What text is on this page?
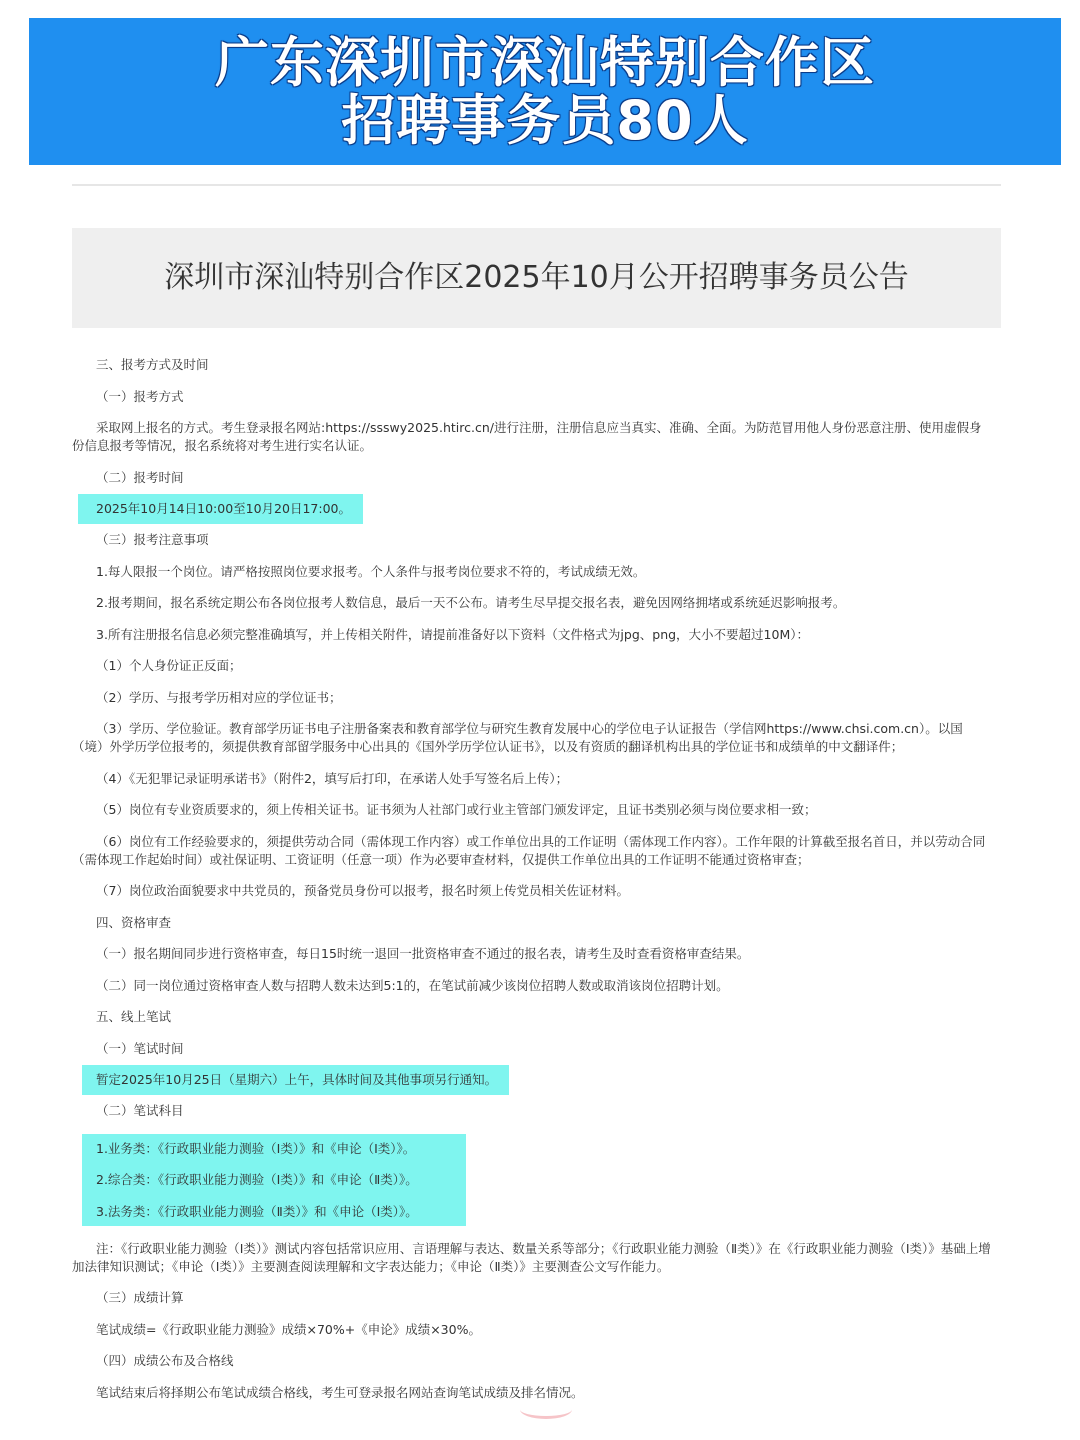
广东深圳市深汕特别合作区
招聘事务员80人
深圳市深汕特别合作区2025年10月公开招聘事务员公告

三、报考方式及时间

（一）报考方式

采取网上报名的方式。考生登录报名网站:https://ssswy2025.htirc.cn/进行注册，注册信息应当真实、准确、全面。为防范冒用他人身份恶意注册、使用虚假身份信息报考等情况，报名系统将对考生进行实名认证。

（二）报考时间

2025年10月14日10:00至10月20日17:00。

（三）报考注意事项

1.每人限报一个岗位。请严格按照岗位要求报考。个人条件与报考岗位要求不符的，考试成绩无效。

2.报考期间，报名系统定期公布各岗位报考人数信息，最后一天不公布。请考生尽早提交报名表，避免因网络拥堵或系统延迟影响报考。

3.所有注册报名信息必须完整准确填写，并上传相关附件，请提前准备好以下资料（文件格式为jpg、png，大小不要超过10M）：

（1）个人身份证正反面；

（2）学历、与报考学历相对应的学位证书；

（3）学历、学位验证。教育部学历证书电子注册备案表和教育部学位与研究生教育发展中心的学位电子认证报告（学信网https://www.chsi.com.cn）。以国（境）外学历学位报考的，须提供教育部留学服务中心出具的《国外学历学位认证书》，以及有资质的翻译机构出具的学位证书和成绩单的中文翻译件；

（4）《无犯罪记录证明承诺书》（附件2，填写后打印，在承诺人处手写签名后上传）；

（5）岗位有专业资质要求的，须上传相关证书。证书须为人社部门或行业主管部门颁发评定，且证书类别必须与岗位要求相一致；

（6）岗位有工作经验要求的，须提供劳动合同（需体现工作内容）或工作单位出具的工作证明（需体现工作内容）。工作年限的计算截至报名首日，并以劳动合同（需体现工作起始时间）或社保证明、工资证明（任意一项）作为必要审查材料，仅提供工作单位出具的工作证明不能通过资格审查；

（7）岗位政治面貌要求中共党员的，预备党员身份可以报考，报名时须上传党员相关佐证材料。

四、资格审查

（一）报名期间同步进行资格审查，每日15时统一退回一批资格审查不通过的报名表，请考生及时查看资格审查结果。

（二）同一岗位通过资格审查人数与招聘人数未达到5:1的，在笔试前减少该岗位招聘人数或取消该岗位招聘计划。

五、线上笔试

（一）笔试时间

暂定2025年10月25日（星期六）上午，具体时间及其他事项另行通知。

（二）笔试科目

1.业务类：《行政职业能力测验（Ⅰ类）》和《申论（Ⅰ类）》。

2.综合类：《行政职业能力测验（Ⅰ类）》和《申论（Ⅱ类）》。

3.法务类：《行政职业能力测验（Ⅱ类）》和《申论（Ⅰ类）》。

注：《行政职业能力测验（Ⅰ类）》测试内容包括常识应用、言语理解与表达、数量关系等部分；《行政职业能力测验（Ⅱ类）》在《行政职业能力测验（Ⅰ类）》基础上增加法律知识测试；《申论（Ⅰ类）》主要测查阅读理解和文字表达能力；《申论（Ⅱ类）》主要测查公文写作能力。

（三）成绩计算

笔试成绩=《行政职业能力测验》成绩×70%+《申论》成绩×30%。

（四）成绩公布及合格线

笔试结束后将择期公布笔试成绩合格线，考生可登录报名网站查询笔试成绩及排名情况。
